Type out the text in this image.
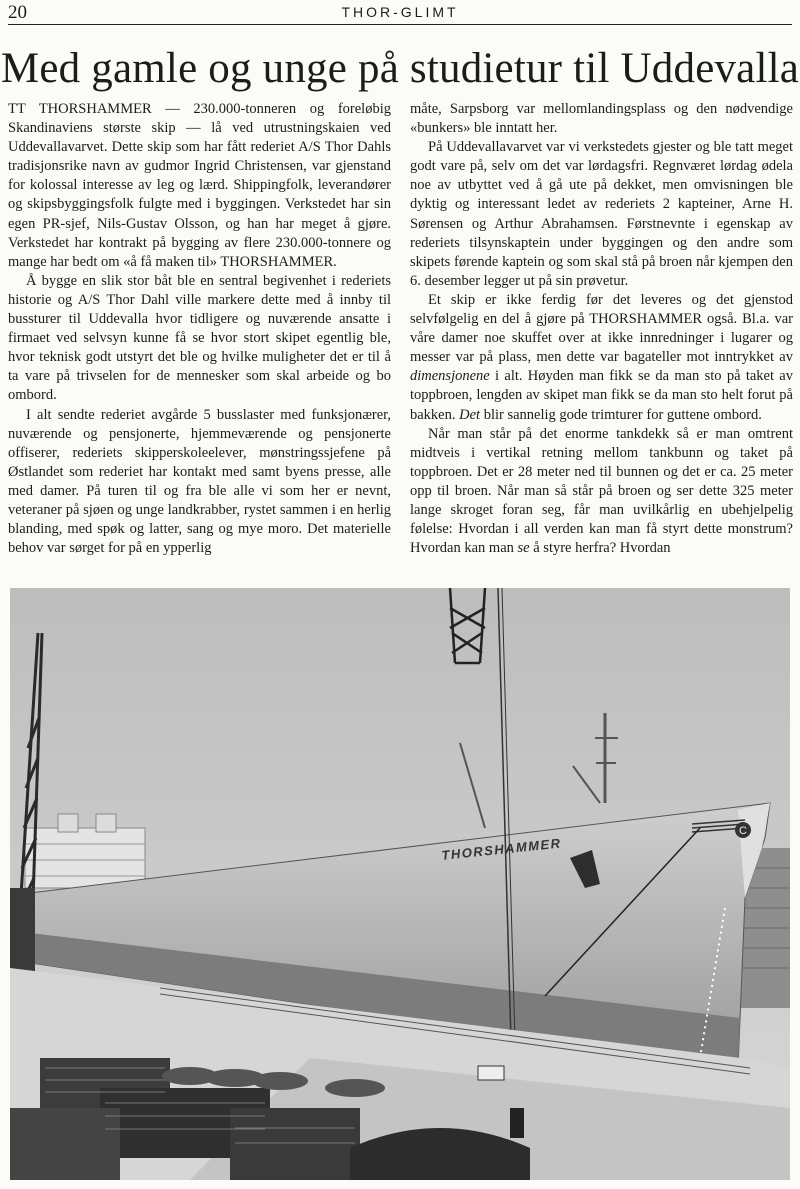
20	THOR-GLIMT
Med gamle og unge på studietur til Uddevalla

TT THORSHAMMER — 230.000-tonneren og foreløbig Skandinaviens største skip — lå ved utrustningskaien ved Uddevallavarvet. Dette skip som har fått rederiet A/S Thor Dahls tradisjonsrike navn av gudmor Ingrid Christensen, var gjenstand for kolossal interesse av leg og lærd. Shippingfolk, leverandører og skipsbyggingsfolk fulgte med i byggingen. Verkstedet har sin egen PR-sjef, Nils-Gustav Olsson, og han har meget å gjøre. Verkstedet har kontrakt på bygging av flere 230.000-tonnere og mange har bedt om «å få maken til» THORSHAMMER.

Å bygge en slik stor båt ble en sentral begivenhet i rederiets historie og A/S Thor Dahl ville markere dette med å innby til bussturer til Uddevalla hvor tidligere og nuværende ansatte i firmaet ved selvsyn kunne få se hvor stort skipet egentlig ble, hvor teknisk godt utstyrt det ble og hvilke muligheter det er til å ta vare på trivselen for de mennesker som skal arbeide og bo ombord.

I alt sendte rederiet avgårde 5 busslaster med funksjonærer, nuværende og pensjonerte, hjemmeværende og pensjonerte offiserer, rederiets skipperskoleelever, mønstringssjefene på Østlandet som rederiet har kontakt med samt byens presse, alle med damer. På turen til og fra ble alle vi som her er nevnt, veteraner på sjøen og unge landkrabber, rystet sammen i en herlig blanding, med spøk og latter, sang og mye moro. Det materielle behov var sørget for på en ypperlig

måte, Sarpsborg var mellomlandingsplass og den nødvendige «bunkers» ble inntatt her.

På Uddevallavarvet var vi verkstedets gjester og ble tatt meget godt vare på, selv om det var lørdagsfri. Regnværet lørdag ødela noe av utbyttet ved å gå ute på dekket, men omvisningen ble dyktig og interessant ledet av rederiets 2 kapteiner, Arne H. Sørensen og Arthur Abrahamsen. Førstnevnte i egenskap av rederiets tilsynskaptein under byggingen og den andre som skipets førende kaptein og som skal stå på broen når kjempen den 6. desember legger ut på sin prøvetur.

Et skip er ikke ferdig før det leveres og det gjenstod selvfølgelig en del å gjøre på THORSHAMMER også. Bl.a. var våre damer noe skuffet over at ikke innredninger i lugarer og messer var på plass, men dette var bagateller mot inntrykket av dimensjonene i alt. Høyden man fikk se da man sto på taket av toppbroen, lengden av skipet man fikk se da man sto helt forut på bakken. Det blir sannelig gode trimturer for guttene ombord.

Når man står på det enorme tankdekk så er man omtrent midtveis i vertikal retning mellom tankbunn og taket på toppbroen. Det er 28 meter ned til bunnen og det er ca. 25 meter opp til broen. Når man så står på broen og ser dette 325 meter lange skroget foran seg, får man uvilkårlig en ubehjelpelig følelse: Hvordan i all verden kan man få styrt dette monstrum? Hvordan kan man se å styre herfra? Hvordan

C
THORSHAMMER
